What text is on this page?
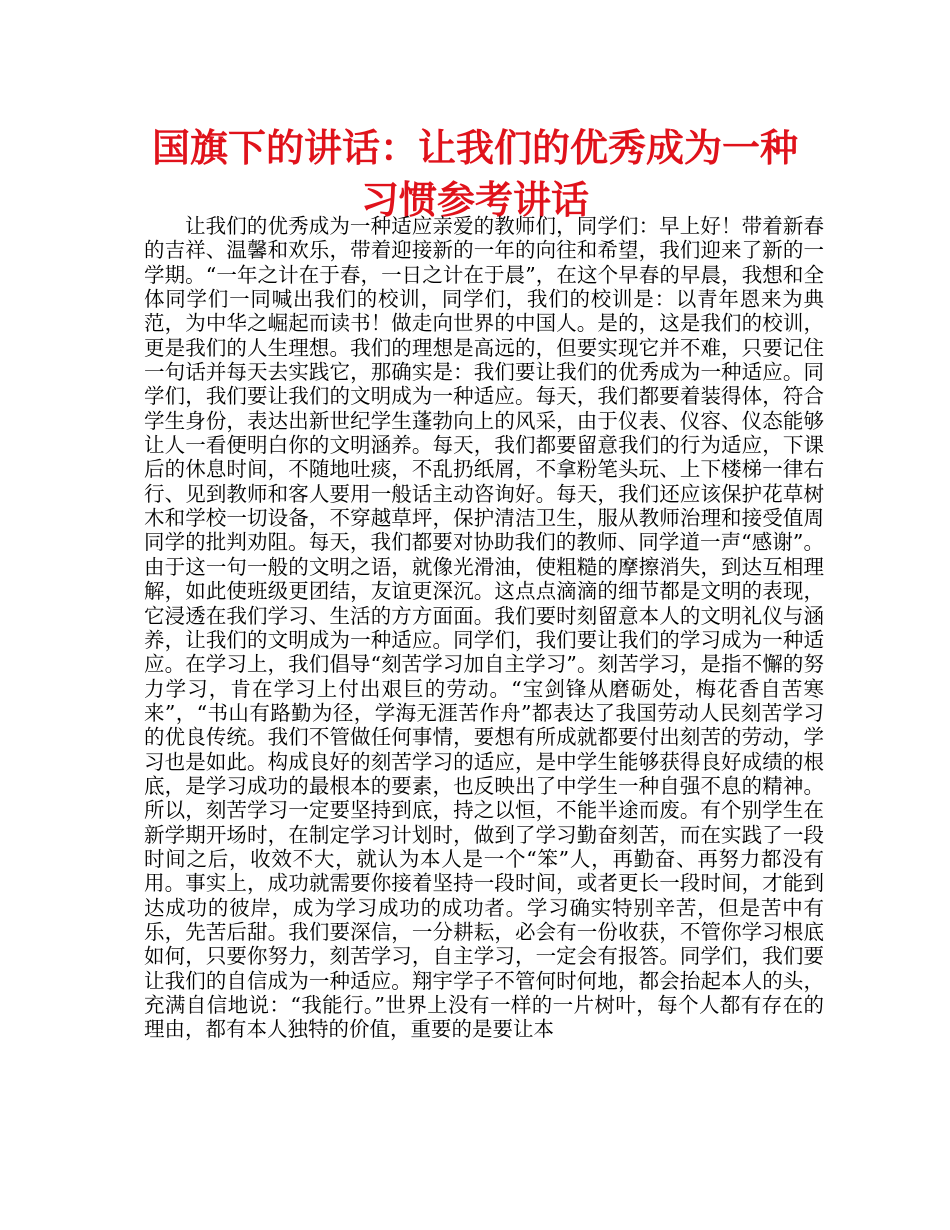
国旗下的讲话：让我们的优秀成为一种习惯参考讲话

让我们的优秀成为一种适应亲爱的教师们，同学们：早上好！带着新春的吉祥、温馨和欢乐，带着迎接新的一年的向往和希望，我们迎来了新的一学期。“一年之计在于春，一日之计在于晨”，在这个早春的早晨，我想和全体同学们一同喊出我们的校训，同学们，我们的校训是：以青年恩来为典范，为中华之崛起而读书！做走向世界的中国人。是的，这是我们的校训，更是我们的人生理想。我们的理想是高远的，但要实现它并不难，只要记住一句话并每天去实践它，那确实是：我们要让我们的优秀成为一种适应。同学们，我们要让我们的文明成为一种适应。每天，我们都要着装得体，符合学生身份，表达出新世纪学生蓬勃向上的风采，由于仪表、仪容、仪态能够让人一看便明白你的文明涵养。每天，我们都要留意我们的行为适应，下课后的休息时间，不随地吐痰，不乱扔纸屑，不拿粉笔头玩、上下楼梯一律右行、见到教师和客人要用一般话主动咨询好。每天，我们还应该保护花草树木和学校一切设备，不穿越草坪，保护清洁卫生，服从教师治理和接受值周同学的批判劝阻。每天，我们都要对协助我们的教师、同学道一声“感谢”。由于这一句一般的文明之语，就像光滑油，使粗糙的摩擦消失，到达互相理解，如此使班级更团结，友谊更深沉。这点点滴滴的细节都是文明的表现，它浸透在我们学习、生活的方方面面。我们要时刻留意本人的文明礼仪与涵养，让我们的文明成为一种适应。同学们，我们要让我们的学习成为一种适应。在学习上，我们倡导“刻苦学习加自主学习”。刻苦学习，是指不懈的努力学习，肯在学习上付出艰巨的劳动。“宝剑锋从磨砺处，梅花香自苦寒来”，“书山有路勤为径，学海无涯苦作舟”都表达了我国劳动人民刻苦学习的优良传统。我们不管做任何事情，要想有所成就都要付出刻苦的劳动，学习也是如此。构成良好的刻苦学习的适应，是中学生能够获得良好成绩的根底，是学习成功的最根本的要素，也反映出了中学生一种自强不息的精神。所以，刻苦学习一定要坚持到底，持之以恒，不能半途而废。有个别学生在新学期开场时，在制定学习计划时，做到了学习勤奋刻苦，而在实践了一段时间之后，收效不大，就认为本人是一个“笨”人，再勤奋、再努力都没有用。事实上，成功就需要你接着坚持一段时间，或者更长一段时间，才能到达成功的彼岸，成为学习成功的成功者。学习确实特别辛苦，但是苦中有乐，先苦后甜。我们要深信，一分耕耘，必会有一份收获，不管你学习根底如何，只要你努力，刻苦学习，自主学习，一定会有报答。同学们，我们要让我们的自信成为一种适应。翔宇学子不管何时何地，都会抬起本人的头，充满自信地说：“我能行。”世界上没有一样的一片树叶，每个人都有存在的理由，都有本人独特的价值，重要的是要让本
